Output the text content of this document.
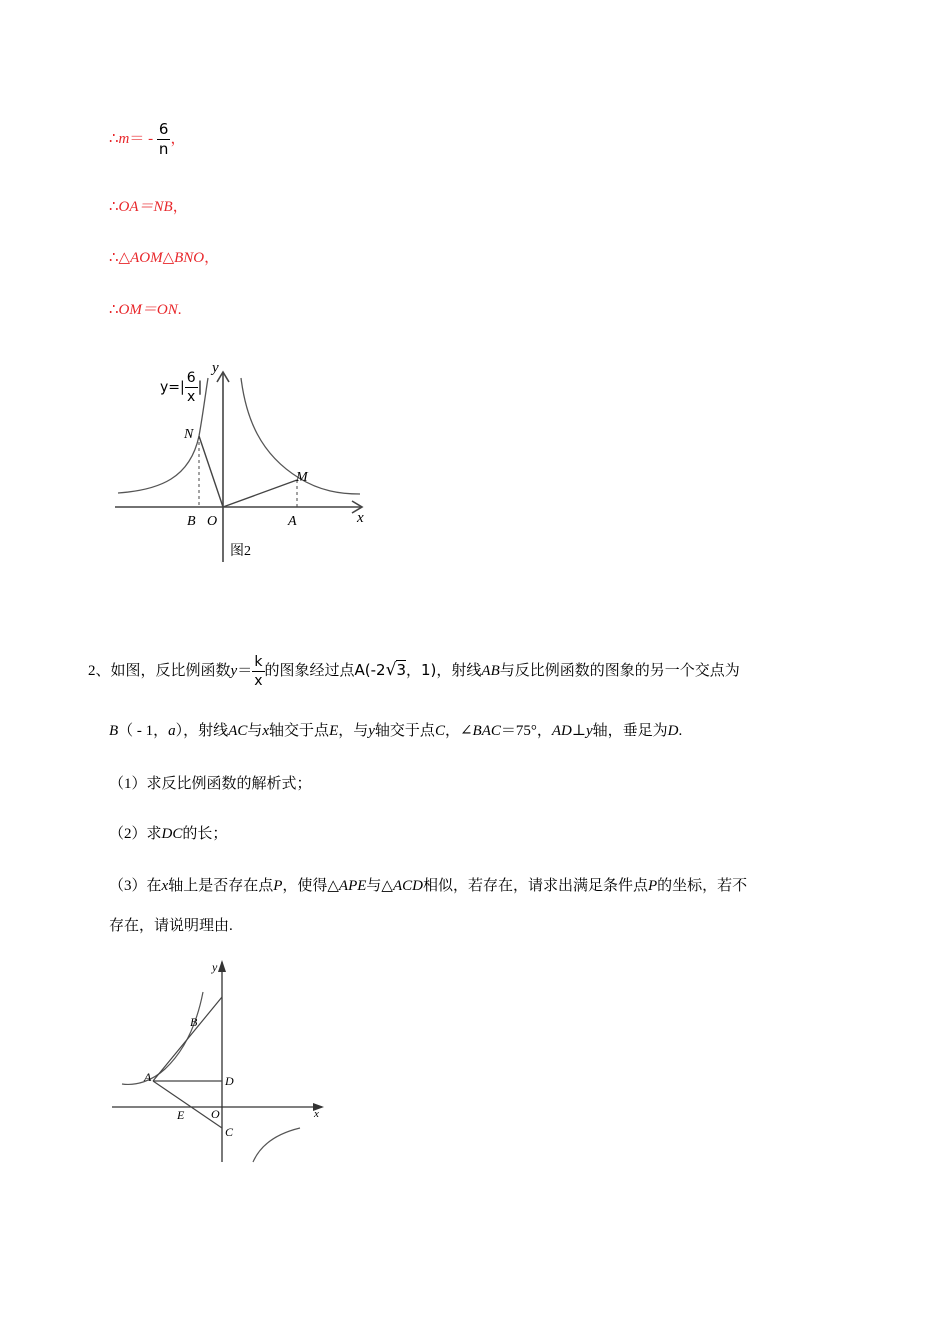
∴m＝ - $\frac{6}{n}$ ，
∴OA＝NB，
∴△AOM△BNO，
∴OM＝ON.
y
x
N
M
B O	A
图2
$y=| \frac{6}{x}$ |
2、如图，反比例函数$y= \frac{k}{x}$ 的图象经过点A(-2√3，1)，射线AB与反比例函数的图象的另一个交点为
B（ - 1，a），射线AC与x轴交于点E，与y轴交于点C，∠BAC＝75°，AD⊥y轴，垂足为D.
（1）求反比例函数的解析式；
（2）求DC的长；
（3）在x轴上是否存在点P，使得△APE与△ACD相似，若存在，请求出满足条件点P的坐标，若不
存在，请说明理由.
y
x
A
B
D
E O
C
